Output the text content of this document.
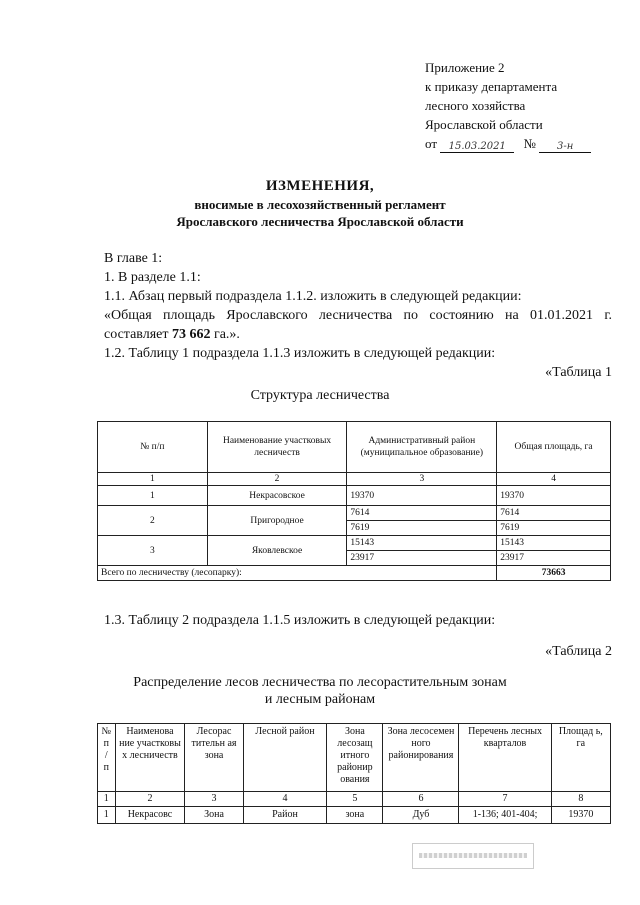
Приложение 2
к приказу департамента
лесного хозяйства
Ярославской области
от 15.03.2021 № 3-н
ИЗМЕНЕНИЯ,
вносимые в лесохозяйственный регламент
Ярославского лесничества Ярославской области
В главе 1:
1. В разделе 1.1:
1.1. Абзац первый подраздела 1.1.2. изложить в следующей редакции:
«Общая площадь Ярославского лесничества по состоянию на 01.01.2021 г. составляет 73 662 га.».
1.2. Таблицу 1 подраздела 1.1.3 изложить в следующей редакции:
«Таблица 1
Структура лесничества
№ п/п	Наименование участковых лесничеств	Административный район (муниципальное образование)	Общая площадь, га
1	2	3	4
1	Некрасовское	19370	19370
2	Пригородное	7614	7614
		7619	7619
3	Яковлевское	15143	15143
		23917	23917
Всего по лесничеству (лесопарку):			73663
1.3. Таблицу 2 подраздела 1.1.5 изложить в следующей редакции:
«Таблица 2
Распределение лесов лесничества по лесорастительным зонам
и лесным районам
№ п / п	Наименова ние участковы х лесничеств	Лесорас тительн ая зона	Лесной район	Зона лесозащ итного райониp ования	Зона лесосемен ного районирования	Перечень лесных кварталов	Площад ь, га
1	2	3	4	5	6	7	8
1	Некрасовс	Зона	Район	зона	Дуб	1-136; 401-404;	19370
